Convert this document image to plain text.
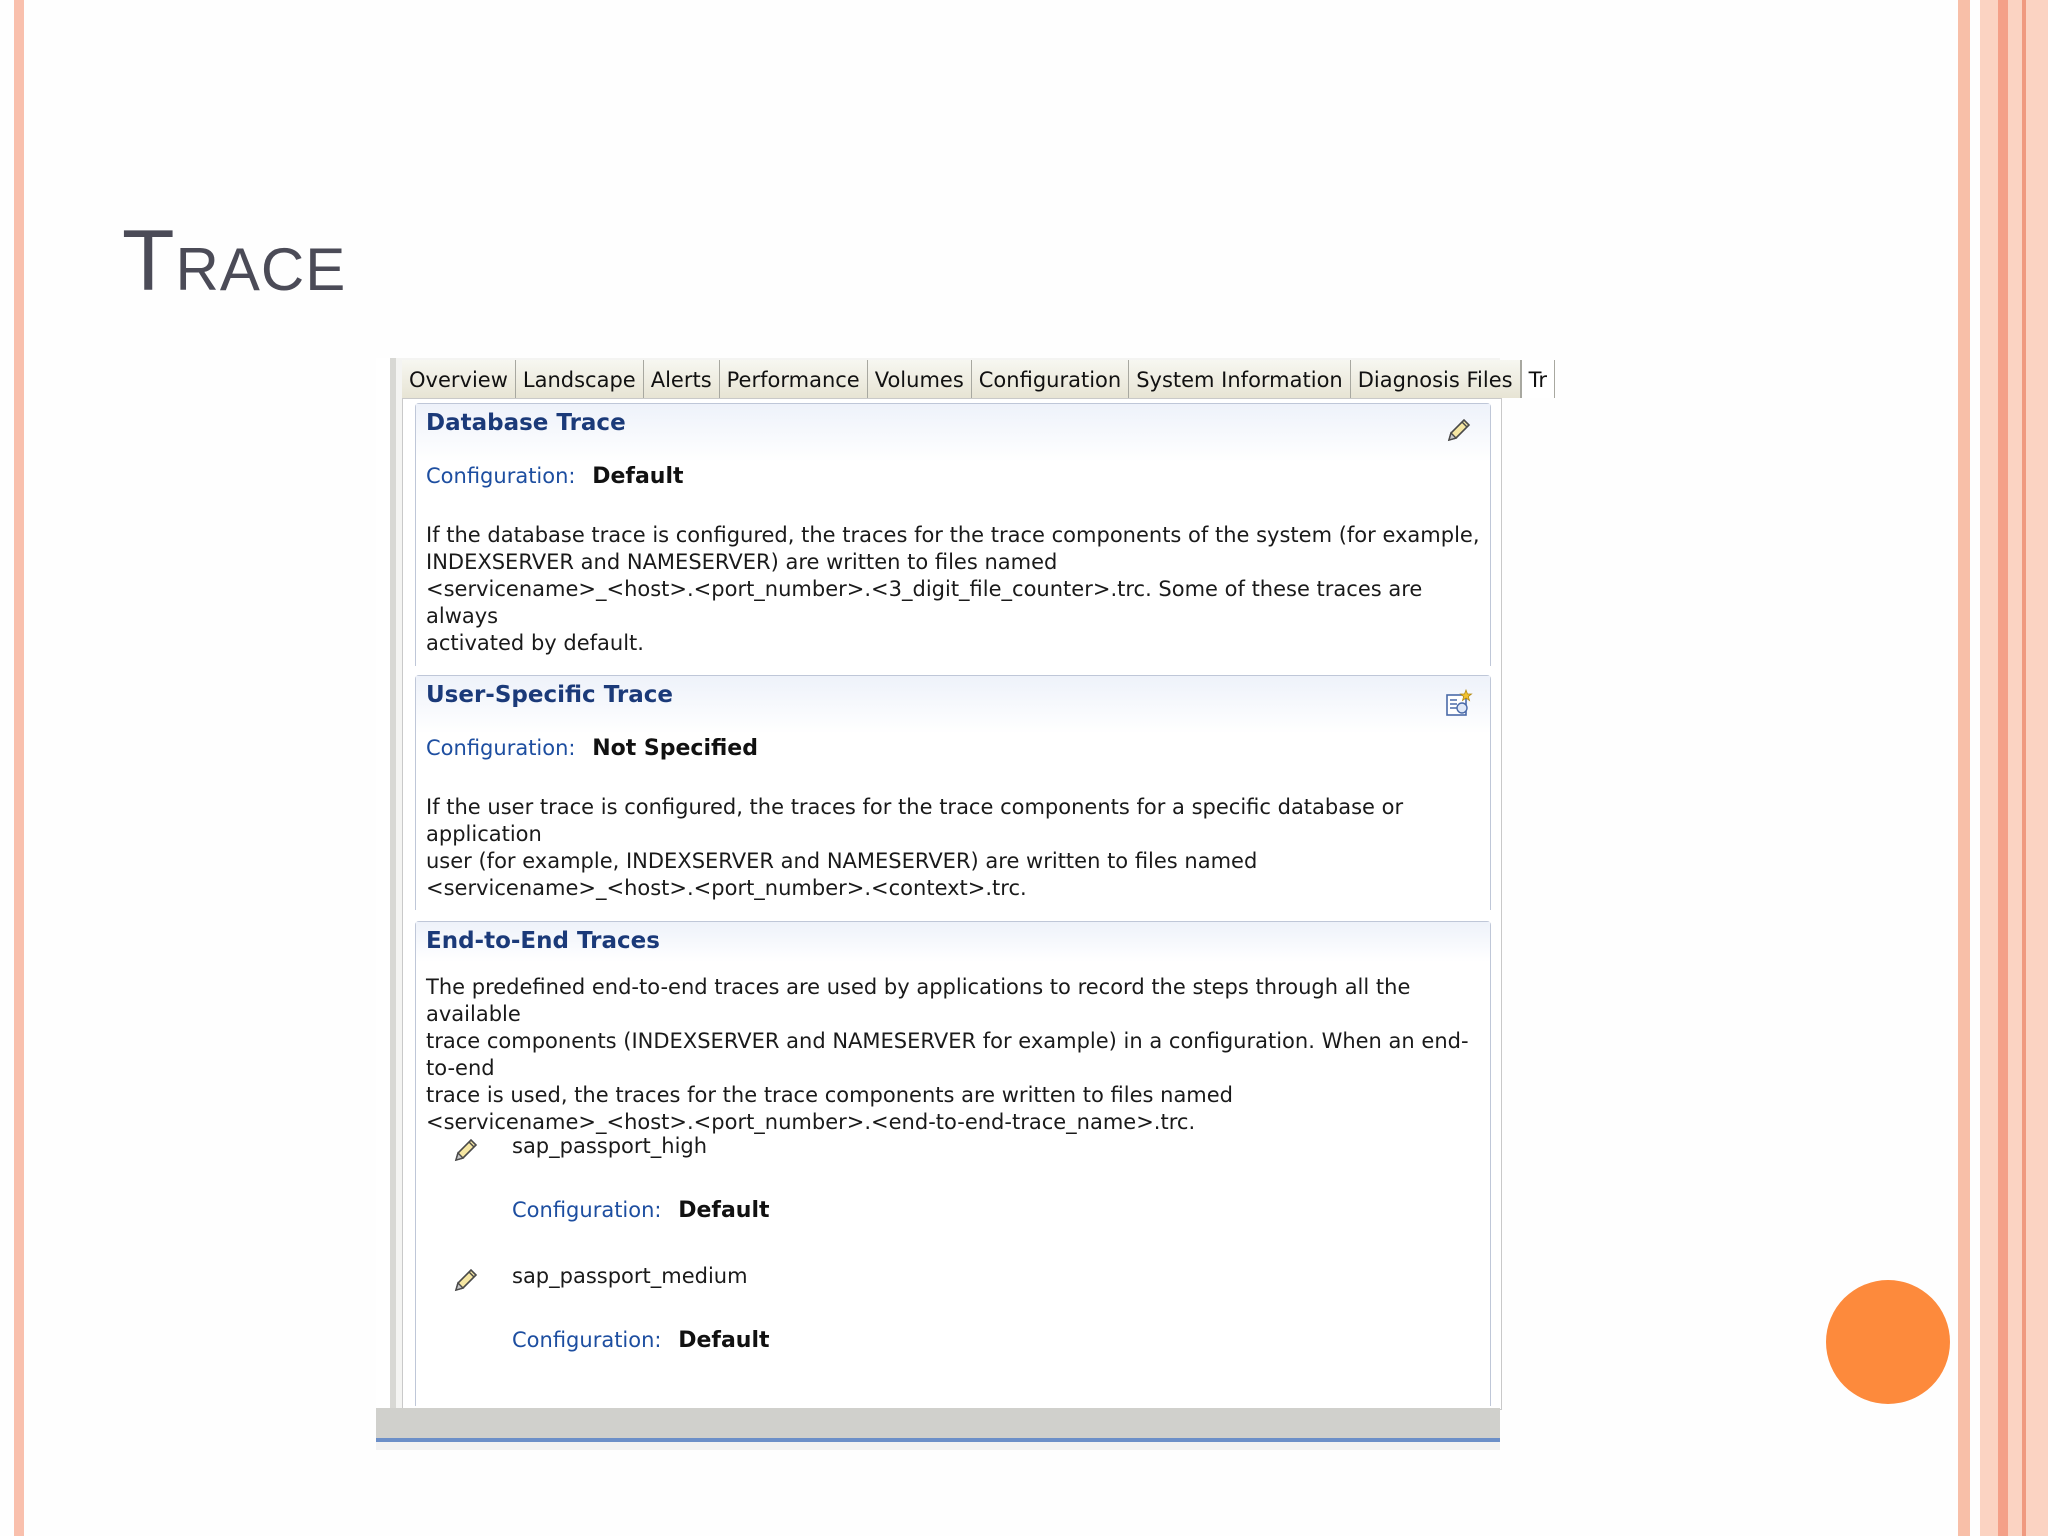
Trace
Overview Landscape Alerts Performance Volumes Configuration System Information Diagnosis Files Tr
Database Trace
Configuration: Default
If the database trace is configured, the traces for the trace components of the system (for example,
INDEXSERVER and NAMESERVER) are written to files named
<servicename>_<host>.<port_number>.<3_digit_file_counter>.trc. Some of these traces are always
activated by default.
User-Specific Trace
Configuration: Not Specified
If the user trace is configured, the traces for the trace components for a specific database or application
user (for example, INDEXSERVER and NAMESERVER) are written to files named
<servicename>_<host>.<port_number>.<context>.trc.
End-to-End Traces
The predefined end-to-end traces are used by applications to record the steps through all the available
trace components (INDEXSERVER and NAMESERVER for example) in a configuration. When an end-to-end
trace is used, the traces for the trace components are written to files named
<servicename>_<host>.<port_number>.<end-to-end-trace_name>.trc.
sap_passport_high
Configuration: Default
sap_passport_medium
Configuration: Default
